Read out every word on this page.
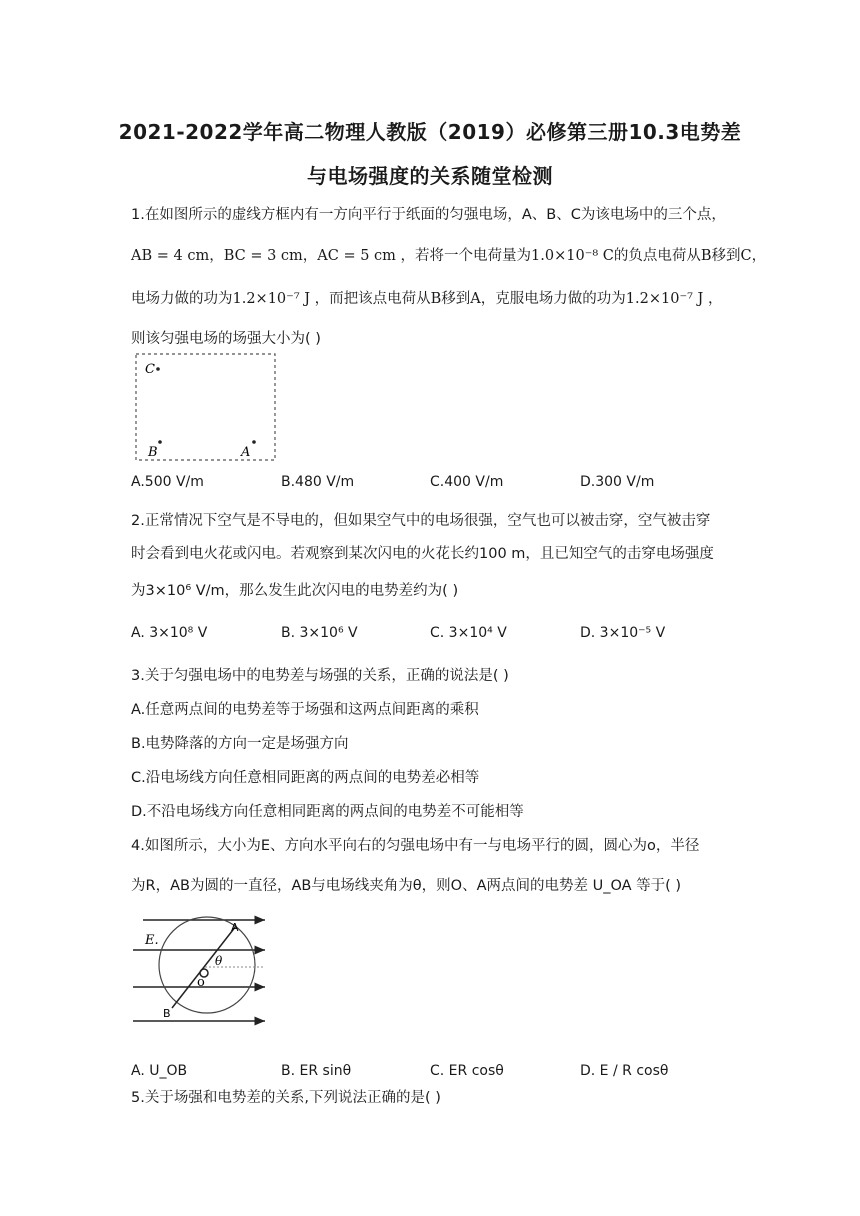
2021-2022学年高二物理人教版（2019）必修第三册10.3电势差
与电场强度的关系随堂检测
1.在如图所示的虚线方框内有一方向平行于纸面的匀强电场，A、B、C为该电场中的三个点，
AB = 4 cm，BC = 3 cm，AC = 5 cm ，若将一个电荷量为1.0×10⁻⁸ C的负点电荷从B移到C，
电场力做的功为1.2×10⁻⁷ J ，而把该点电荷从B移到A，克服电场力做的功为1.2×10⁻⁷ J ，
则该匀强电场的场强大小为( )
C
B	A
A.500 V/m	B.480 V/m	C.400 V/m	D.300 V/m
2.正常情况下空气是不导电的，但如果空气中的电场很强，空气也可以被击穿，空气被击穿
时会看到电火花或闪电。若观察到某次闪电的火花长约100 m，且已知空气的击穿电场强度
为3×10⁶ V/m，那么发生此次闪电的电势差约为( )
A. 3×10⁸ V	B. 3×10⁶ V	C. 3×10⁴ V	D. 3×10⁻⁵ V
3.关于匀强电场中的电势差与场强的关系，正确的说法是( )
A.任意两点间的电势差等于场强和这两点间距离的乘积
B.电势降落的方向一定是场强方向
C.沿电场线方向任意相同距离的两点间的电势差必相等
D.不沿电场线方向任意相同距离的两点间的电势差不可能相等
4.如图所示，大小为E、方向水平向右的匀强电场中有一与电场平行的圆，圆心为o，半径
为R，AB为圆的一直径，AB与电场线夹角为θ，则O、A两点间的电势差 U_OA 等于( )
E.
A
B
θ
o
A. U_OB	B. ER sinθ	C. ER cosθ	D. E / R cosθ
5.关于场强和电势差的关系,下列说法正确的是( )
